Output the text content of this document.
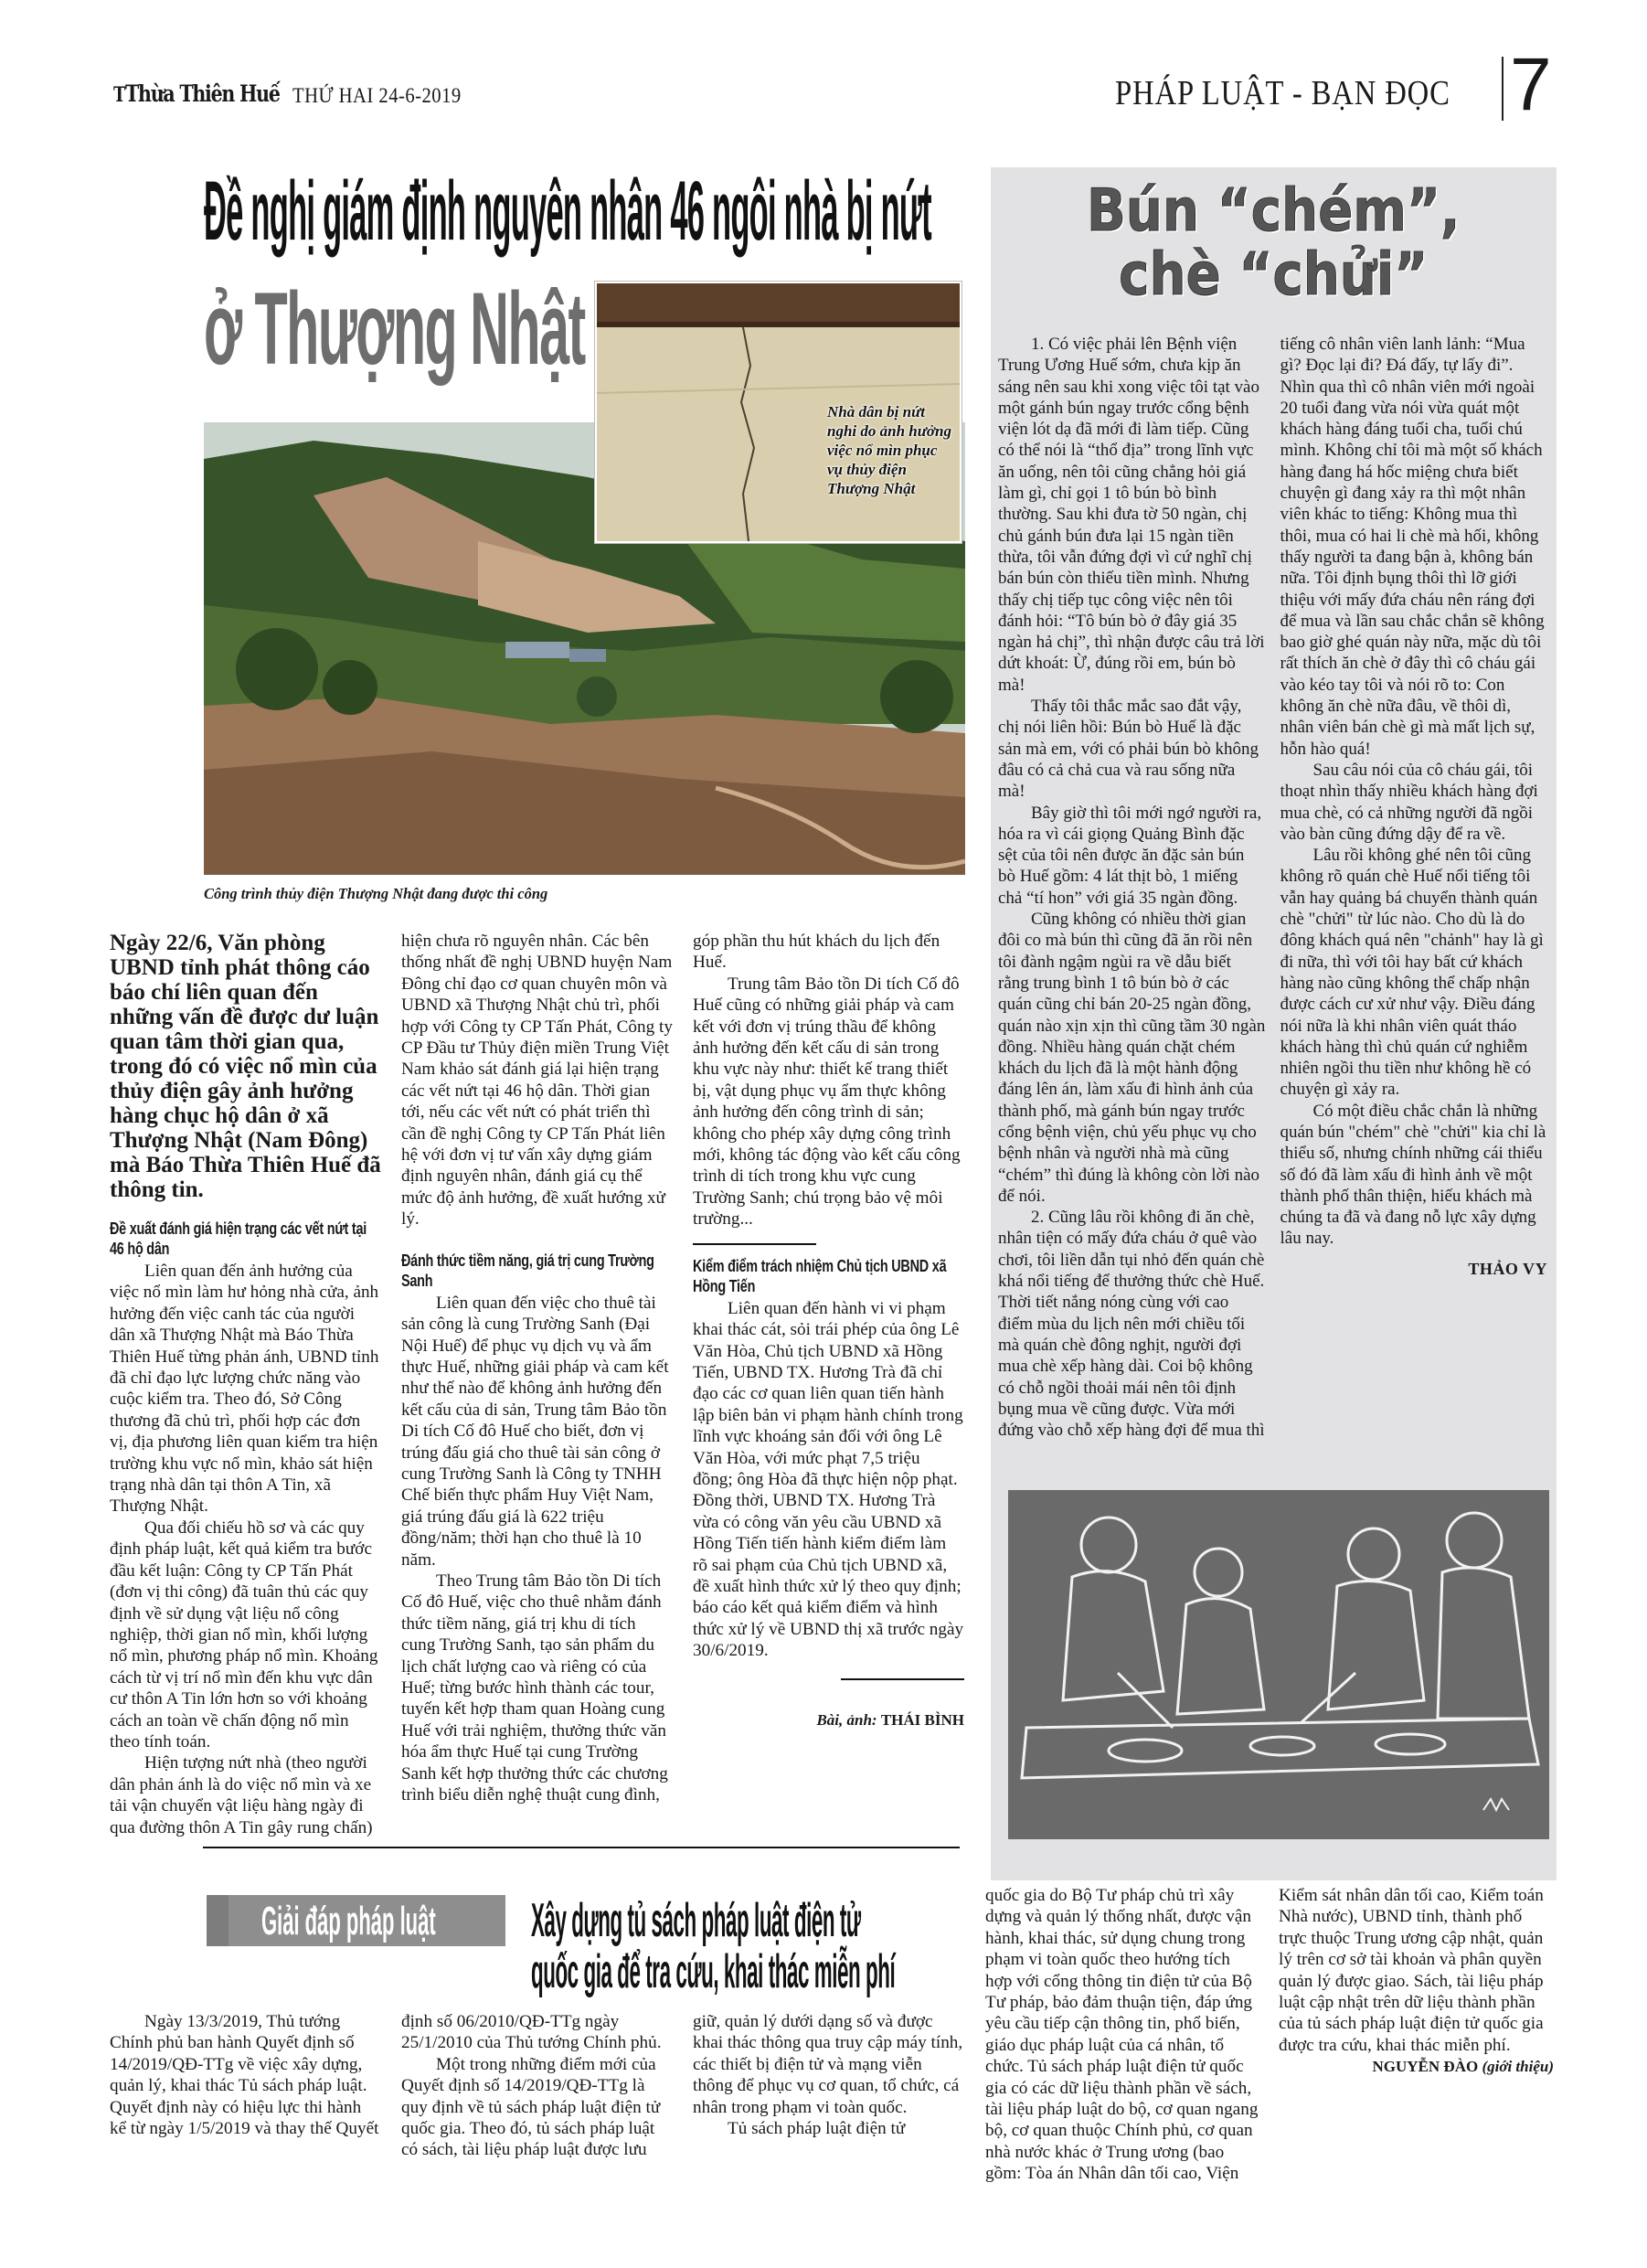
TThừa Thiên Huế THỨ HAI 24-6-2019	PHÁP LUẬT - BẠN ĐỌC 7
Đề nghị giám định nguyên nhân 46 ngôi nhà bị nứt
ở Thượng Nhật
Nhà dân bị nứt nghi do ảnh hưởng việc nổ mìn phục vụ thủy điện Thượng Nhật
Công trình thủy điện Thượng Nhật đang được thi công

Ngày 22/6, Văn phòng UBND tỉnh phát thông cáo báo chí liên quan đến những vấn đề được dư luận quan tâm thời gian qua, trong đó có việc nổ mìn của thủy điện gây ảnh hưởng hàng chục hộ dân ở xã Thượng Nhật (Nam Đông) mà Báo Thừa Thiên Huế đã thông tin.

Đề xuất đánh giá hiện trạng các vết nứt tại 46 hộ dân

Liên quan đến ảnh hưởng của việc nổ mìn làm hư hỏng nhà cửa, ảnh hưởng đến việc canh tác của người dân xã Thượng Nhật mà Báo Thừa Thiên Huế từng phản ánh, UBND tỉnh đã chỉ đạo lực lượng chức năng vào cuộc kiểm tra. Theo đó, Sở Công thương đã chủ trì, phối hợp các đơn vị, địa phương liên quan kiểm tra hiện trường khu vực nổ mìn, khảo sát hiện trạng nhà dân tại thôn A Tin, xã Thượng Nhật.

Qua đối chiếu hồ sơ và các quy định pháp luật, kết quả kiểm tra bước đầu kết luận: Công ty CP Tấn Phát (đơn vị thi công) đã tuân thủ các quy định về sử dụng vật liệu nổ công nghiệp, thời gian nổ mìn, khối lượng nổ mìn, phương pháp nổ mìn. Khoảng cách từ vị trí nổ mìn đến khu vực dân cư thôn A Tin lớn hơn so với khoảng cách an toàn về chấn động nổ mìn theo tính toán.

Hiện tượng nứt nhà (theo người dân phản ánh là do việc nổ mìn và xe tải vận chuyển vật liệu hàng ngày đi qua đường thôn A Tin gây rung chấn) hiện chưa rõ nguyên nhân. Các bên thống nhất đề nghị UBND huyện Nam Đông chỉ đạo cơ quan chuyên môn và UBND xã Thượng Nhật chủ trì, phối hợp với Công ty CP Tấn Phát, Công ty CP Đầu tư Thủy điện miền Trung Việt Nam khảo sát đánh giá lại hiện trạng các vết nứt tại 46 hộ dân. Thời gian tới, nếu các vết nứt có phát triển thì cần đề nghị Công ty CP Tấn Phát liên hệ với đơn vị tư vấn xây dựng giám định nguyên nhân, đánh giá cụ thể mức độ ảnh hưởng, đề xuất hướng xử lý.

Đánh thức tiềm năng, giá trị cung Trường Sanh

Liên quan đến việc cho thuê tài sản công là cung Trường Sanh (Đại Nội Huế) để phục vụ dịch vụ và ẩm thực Huế, những giải pháp và cam kết như thế nào để không ảnh hưởng đến kết cấu của di sản, Trung tâm Bảo tồn Di tích Cố đô Huế cho biết, đơn vị trúng đấu giá cho thuê tài sản công ở cung Trường Sanh là Công ty TNHH Chế biến thực phẩm Huy Việt Nam, giá trúng đấu giá là 622 triệu đồng/năm; thời hạn cho thuê là 10 năm.

Theo Trung tâm Bảo tồn Di tích Cố đô Huế, việc cho thuê nhằm đánh thức tiềm năng, giá trị khu di tích cung Trường Sanh, tạo sản phẩm du lịch chất lượng cao và riêng có của Huế; từng bước hình thành các tour, tuyến kết hợp tham quan Hoàng cung Huế với trải nghiệm, thưởng thức văn hóa ẩm thực Huế tại cung Trường Sanh kết hợp thưởng thức các chương trình biểu diễn nghệ thuật cung đình, góp phần thu hút khách du lịch đến Huế.

Trung tâm Bảo tồn Di tích Cố đô Huế cũng có những giải pháp và cam kết với đơn vị trúng thầu để không ảnh hưởng đến kết cấu di sản trong khu vực này như: thiết kế trang thiết bị, vật dụng phục vụ ẩm thực không ảnh hưởng đến công trình di sản; không cho phép xây dựng công trình mới, không tác động vào kết cấu công trình di tích trong khu vực cung Trường Sanh; chú trọng bảo vệ môi trường...

Kiểm điểm trách nhiệm Chủ tịch UBND xã Hồng Tiến

Liên quan đến hành vi vi phạm khai thác cát, sỏi trái phép của ông Lê Văn Hòa, Chủ tịch UBND xã Hồng Tiến, UBND TX. Hương Trà đã chỉ đạo các cơ quan liên quan tiến hành lập biên bản vi phạm hành chính trong lĩnh vực khoáng sản đối với ông Lê Văn Hòa, với mức phạt 7,5 triệu đồng; ông Hòa đã thực hiện nộp phạt. Đồng thời, UBND TX. Hương Trà vừa có công văn yêu cầu UBND xã Hồng Tiến tiến hành kiểm điểm làm rõ sai phạm của Chủ tịch UBND xã, đề xuất hình thức xử lý theo quy định; báo cáo kết quả kiểm điểm và hình thức xử lý về UBND thị xã trước ngày 30/6/2019.

Bài, ảnh: THÁI BÌNH
Bún “chém”,
chè “chửi”

1. Có việc phải lên Bệnh viện Trung Ương Huế sớm, chưa kịp ăn sáng nên sau khi xong việc tôi tạt vào một gánh bún ngay trước cổng bệnh viện lót dạ đã mới đi làm tiếp. Cũng có thể nói là “thổ địa” trong lĩnh vực ăn uống, nên tôi cũng chẳng hỏi giá làm gì, chỉ gọi 1 tô bún bò bình thường. Sau khi đưa tờ 50 ngàn, chị chủ gánh bún đưa lại 15 ngàn tiền thừa, tôi vẫn đứng đợi vì cứ nghĩ chị bán bún còn thiếu tiền mình. Nhưng thấy chị tiếp tục công việc nên tôi đánh hỏi: “Tô bún bò ở đây giá 35 ngàn hả chị”, thì nhận được câu trả lời dứt khoát: Ừ, đúng rồi em, bún bò mà!

Thấy tôi thắc mắc sao đắt vậy, chị nói liên hồi: Bún bò Huế là đặc sản mà em, với có phải bún bò không đâu có cả chả cua và rau sống nữa mà!

Bây giờ thì tôi mới ngớ người ra, hóa ra vì cái giọng Quảng Bình đặc sệt của tôi nên được ăn đặc sản bún bò Huế gồm: 4 lát thịt bò, 1 miếng chả “tí hon” với giá 35 ngàn đồng.

Cũng không có nhiều thời gian đôi co mà bún thì cũng đã ăn rồi nên tôi đành ngậm ngùi ra về dẫu biết rằng trung bình 1 tô bún bò ở các quán cũng chỉ bán 20-25 ngàn đồng, quán nào xịn xịn thì cũng tầm 30 ngàn đồng. Nhiều hàng quán chặt chém khách du lịch đã là một hành động đáng lên án, làm xấu đi hình ảnh của thành phố, mà gánh bún ngay trước cổng bệnh viện, chủ yếu phục vụ cho bệnh nhân và người nhà mà cũng “chém” thì đúng là không còn lời nào để nói.

2. Cũng lâu rồi không đi ăn chè, nhân tiện có mấy đứa cháu ở quê vào chơi, tôi liền dẫn tụi nhỏ đến quán chè khá nổi tiếng để thưởng thức chè Huế. Thời tiết nắng nóng cùng với cao điểm mùa du lịch nên mới chiều tối mà quán chè đông nghịt, người đợi mua chè xếp hàng dài. Coi bộ không có chỗ ngồi thoải mái nên tôi định bụng mua về cũng được. Vừa mới đứng vào chỗ xếp hàng đợi để mua thì tiếng cô nhân viên lanh lảnh: “Mua gì? Đọc lại đi? Đá đấy, tự lấy đi”. Nhìn qua thì cô nhân viên mới ngoài 20 tuổi đang vừa nói vừa quát một khách hàng đáng tuổi cha, tuổi chú mình. Không chỉ tôi mà một số khách hàng đang há hốc miệng chưa biết chuyện gì đang xảy ra thì một nhân viên khác to tiếng: Không mua thì thôi, mua có hai li chè mà hối, không thấy người ta đang bận à, không bán nữa. Tôi định bụng thôi thì lỡ giới thiệu với mấy đứa cháu nên ráng đợi để mua và lần sau chắc chắn sẽ không bao giờ ghé quán này nữa, mặc dù tôi rất thích ăn chè ở đây thì cô cháu gái vào kéo tay tôi và nói rõ to: Con không ăn chè nữa đâu, về thôi dì, nhân viên bán chè gì mà mất lịch sự, hỗn hào quá!

Sau câu nói của cô cháu gái, tôi thoạt nhìn thấy nhiều khách hàng đợi mua chè, có cả những người đã ngồi vào bàn cũng đứng dậy để ra về.

Lâu rồi không ghé nên tôi cũng không rõ quán chè Huế nổi tiếng tôi vẫn hay quảng bá chuyển thành quán chè "chửi" từ lúc nào. Cho dù là do đông khách quá nên "chảnh" hay là gì đi nữa, thì với tôi hay bất cứ khách hàng nào cũng không thể chấp nhận được cách cư xử như vậy. Điều đáng nói nữa là khi nhân viên quát tháo khách hàng thì chủ quán cứ nghiễm nhiên ngồi thu tiền như không hề có chuyện gì xảy ra.

Có một điều chắc chắn là những quán bún "chém" chè "chửi" kia chỉ là thiểu số, nhưng chính những cái thiểu số đó đã làm xấu đi hình ảnh về một thành phố thân thiện, hiếu khách mà chúng ta đã và đang nỗ lực xây dựng lâu nay.

THẢO VY
Giải đáp pháp luật Xây dựng tủ sách pháp luật điện tử
quốc gia để tra cứu, khai thác miễn phí

Ngày 13/3/2019, Thủ tướng Chính phủ ban hành Quyết định số 14/2019/QĐ-TTg về việc xây dựng, quản lý, khai thác Tủ sách pháp luật. Quyết định này có hiệu lực thi hành kể từ ngày 1/5/2019 và thay thế Quyết định số 06/2010/QĐ-TTg ngày 25/1/2010 của Thủ tướng Chính phủ.

Một trong những điểm mới của Quyết định số 14/2019/QĐ-TTg là quy định về tủ sách pháp luật điện tử quốc gia. Theo đó, tủ sách pháp luật có sách, tài liệu pháp luật được lưu giữ, quản lý dưới dạng số và được khai thác thông qua truy cập máy tính, các thiết bị điện tử và mạng viễn thông để phục vụ cơ quan, tổ chức, cá nhân trong phạm vi toàn quốc.

Tủ sách pháp luật điện tử

quốc gia do Bộ Tư pháp chủ trì xây dựng và quản lý thống nhất, được vận hành, khai thác, sử dụng chung trong phạm vi toàn quốc theo hướng tích hợp với cổng thông tin điện tử của Bộ Tư pháp, bảo đảm thuận tiện, đáp ứng yêu cầu tiếp cận thông tin, phổ biến, giáo dục pháp luật của cá nhân, tổ chức. Tủ sách pháp luật điện tử quốc gia có các dữ liệu thành phần về sách, tài liệu pháp luật do bộ, cơ quan ngang bộ, cơ quan thuộc Chính phủ, cơ quan nhà nước khác ở Trung ương (bao gồm: Tòa án Nhân dân tối cao, Viện Kiểm sát nhân dân tối cao, Kiểm toán Nhà nước), UBND tỉnh, thành phố trực thuộc Trung ương cập nhật, quản lý trên cơ sở tài khoản và phân quyền quản lý được giao. Sách, tài liệu pháp luật cập nhật trên dữ liệu thành phần của tủ sách pháp luật điện tử quốc gia được tra cứu, khai thác miễn phí.

NGUYỄN ĐÀO (giới thiệu)
